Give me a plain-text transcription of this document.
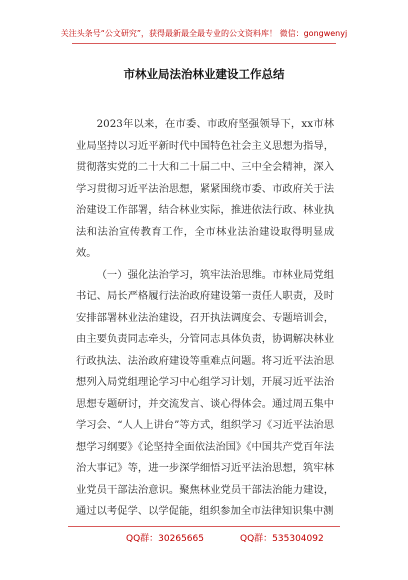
关注头条号“公文研究”，获得最新最全最专业的公文资料库！ 微信：gongwenyj
市林业局法治林业建设工作总结

2023年以来，在市委、市政府坚强领导下，xx市林业局坚持以习近平新时代中国特色社会主义思想为指导，贯彻落实党的二十大和二十届二中、三中全会精神，深入学习贯彻习近平法治思想，紧紧围绕市委、市政府关于法治建设工作部署，结合林业实际，推进依法行政、林业执法和法治宣传教育工作，全市林业法治建设取得明显成效。

（一）强化法治学习，筑牢法治思维。市林业局党组书记、局长严格履行法治政府建设第一责任人职责，及时安排部署林业法治建设，召开执法调度会、专题培训会，由主要负责同志牵头，分管同志具体负责，协调解决林业行政执法、法治政府建设等重难点问题。将习近平法治思想列入局党组理论学习中心组学习计划，开展习近平法治思想专题研讨，并交流发言、谈心得体会。通过周五集中学习会、“人人上讲台”等方式，组织学习《习近平法治思想学习纲要》《论坚持全面依法治国》《中国共产党百年法治大事记》等，进一步深学细悟习近平法治思想，筑牢林业党员干部法治意识。聚焦林业党员干部法治能力建设，通过以考促学、以学促能，组织参加全市法律知识集中测

QQ群：30265665	QQ群：535304092
